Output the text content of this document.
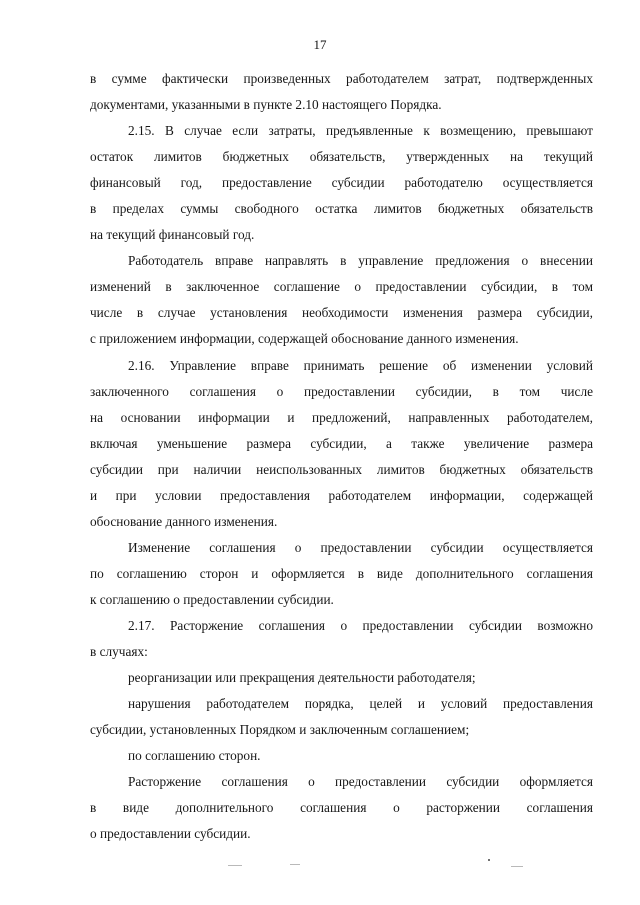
17
в сумме фактически произведенных работодателем затрат, подтвержденных
документами, указанными в пункте 2.10 настоящего Порядка.
2.15. В случае если затраты, предъявленные к возмещению, превышают
остаток лимитов бюджетных обязательств, утвержденных на текущий
финансовый год, предоставление субсидии работодателю осуществляется
в пределах суммы свободного остатка лимитов бюджетных обязательств
на текущий финансовый год.
Работодатель вправе направлять в управление предложения о внесении
изменений в заключенное соглашение о предоставлении субсидии, в том
числе в случае установления необходимости изменения размера субсидии,
с приложением информации, содержащей обоснование данного изменения.
2.16. Управление вправе принимать решение об изменении условий
заключенного соглашения о предоставлении субсидии, в том числе
на основании информации и предложений, направленных работодателем,
включая уменьшение размера субсидии, а также увеличение размера
субсидии при наличии неиспользованных лимитов бюджетных обязательств
и при условии предоставления работодателем информации, содержащей
обоснование данного изменения.
Изменение соглашения о предоставлении субсидии осуществляется
по соглашению сторон и оформляется в виде дополнительного соглашения
к соглашению о предоставлении субсидии.
2.17. Расторжение соглашения о предоставлении субсидии возможно
в случаях:
реорганизации или прекращения деятельности работодателя;
нарушения работодателем порядка, целей и условий предоставления
субсидии, установленных Порядком и заключенным соглашением;
по соглашению сторон.
Расторжение соглашения о предоставлении субсидии оформляется
в виде дополнительного соглашения о расторжении соглашения
о предоставлении субсидии.
